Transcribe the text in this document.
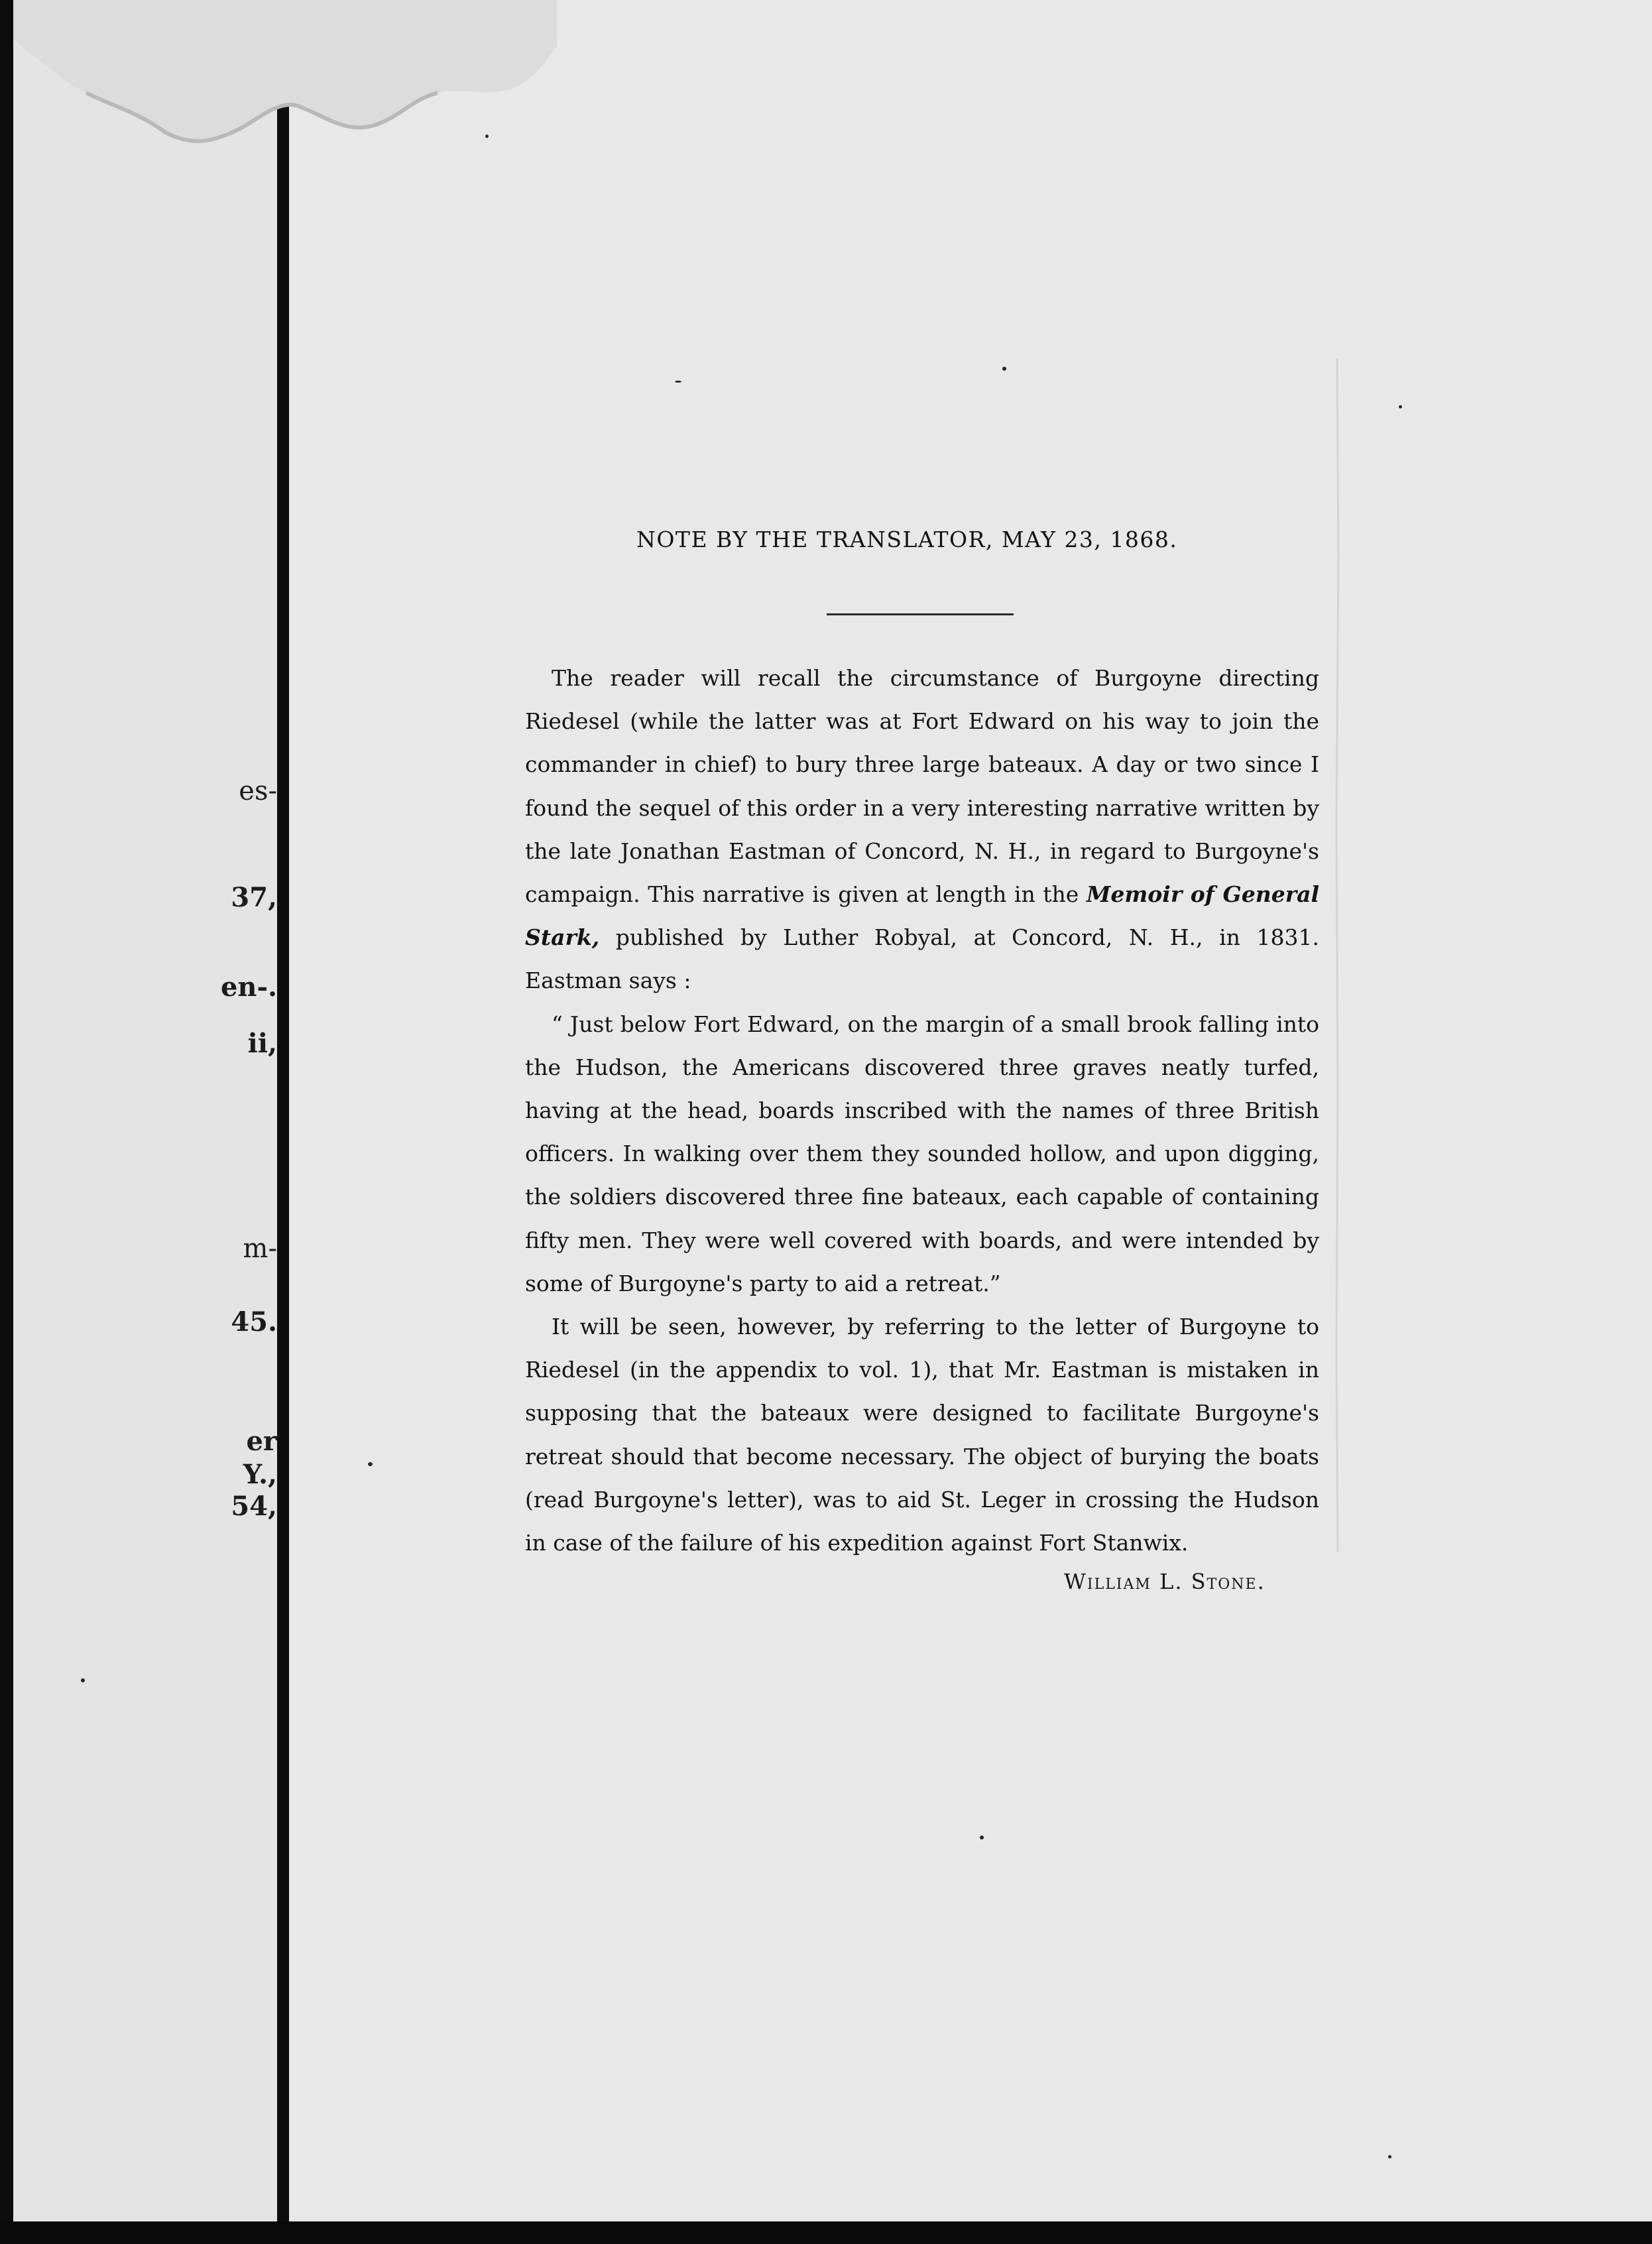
es-
37,
en-.
ii,
m-
45.
er
Y.,
54,
NOTE BY THE TRANSLATOR, MAY 23, 1868.

The reader will recall the circumstance of Burgoyne directing Riedesel (while the latter was at Fort Edward on his way to join the commander in chief) to bury three large bateaux. A day or two since I found the sequel of this order in a very interesting narrative written by the late Jonathan Eastman of Concord, N. H., in regard to Burgoyne's campaign. This narrative is given at length in the Memoir of General Stark, published by Luther Robyal, at Concord, N. H., in 1831. Eastman says :

“ Just below Fort Edward, on the margin of a small brook falling into the Hudson, the Americans discovered three graves neatly turfed, having at the head, boards inscribed with the names of three British officers. In walking over them they sounded hollow, and upon digging, the soldiers discovered three fine bateaux, each capable of containing fifty men. They were well covered with boards, and were intended by some of Burgoyne's party to aid a retreat.”

It will be seen, however, by referring to the letter of Burgoyne to Riedesel (in the appendix to vol. 1), that Mr. Eastman is mistaken in supposing that the bateaux were designed to facilitate Burgoyne's retreat should that become necessary. The object of burying the boats (read Burgoyne's letter), was to aid St. Leger in crossing the Hudson in case of the failure of his expedition against Fort Stanwix.

William L. Stone.
